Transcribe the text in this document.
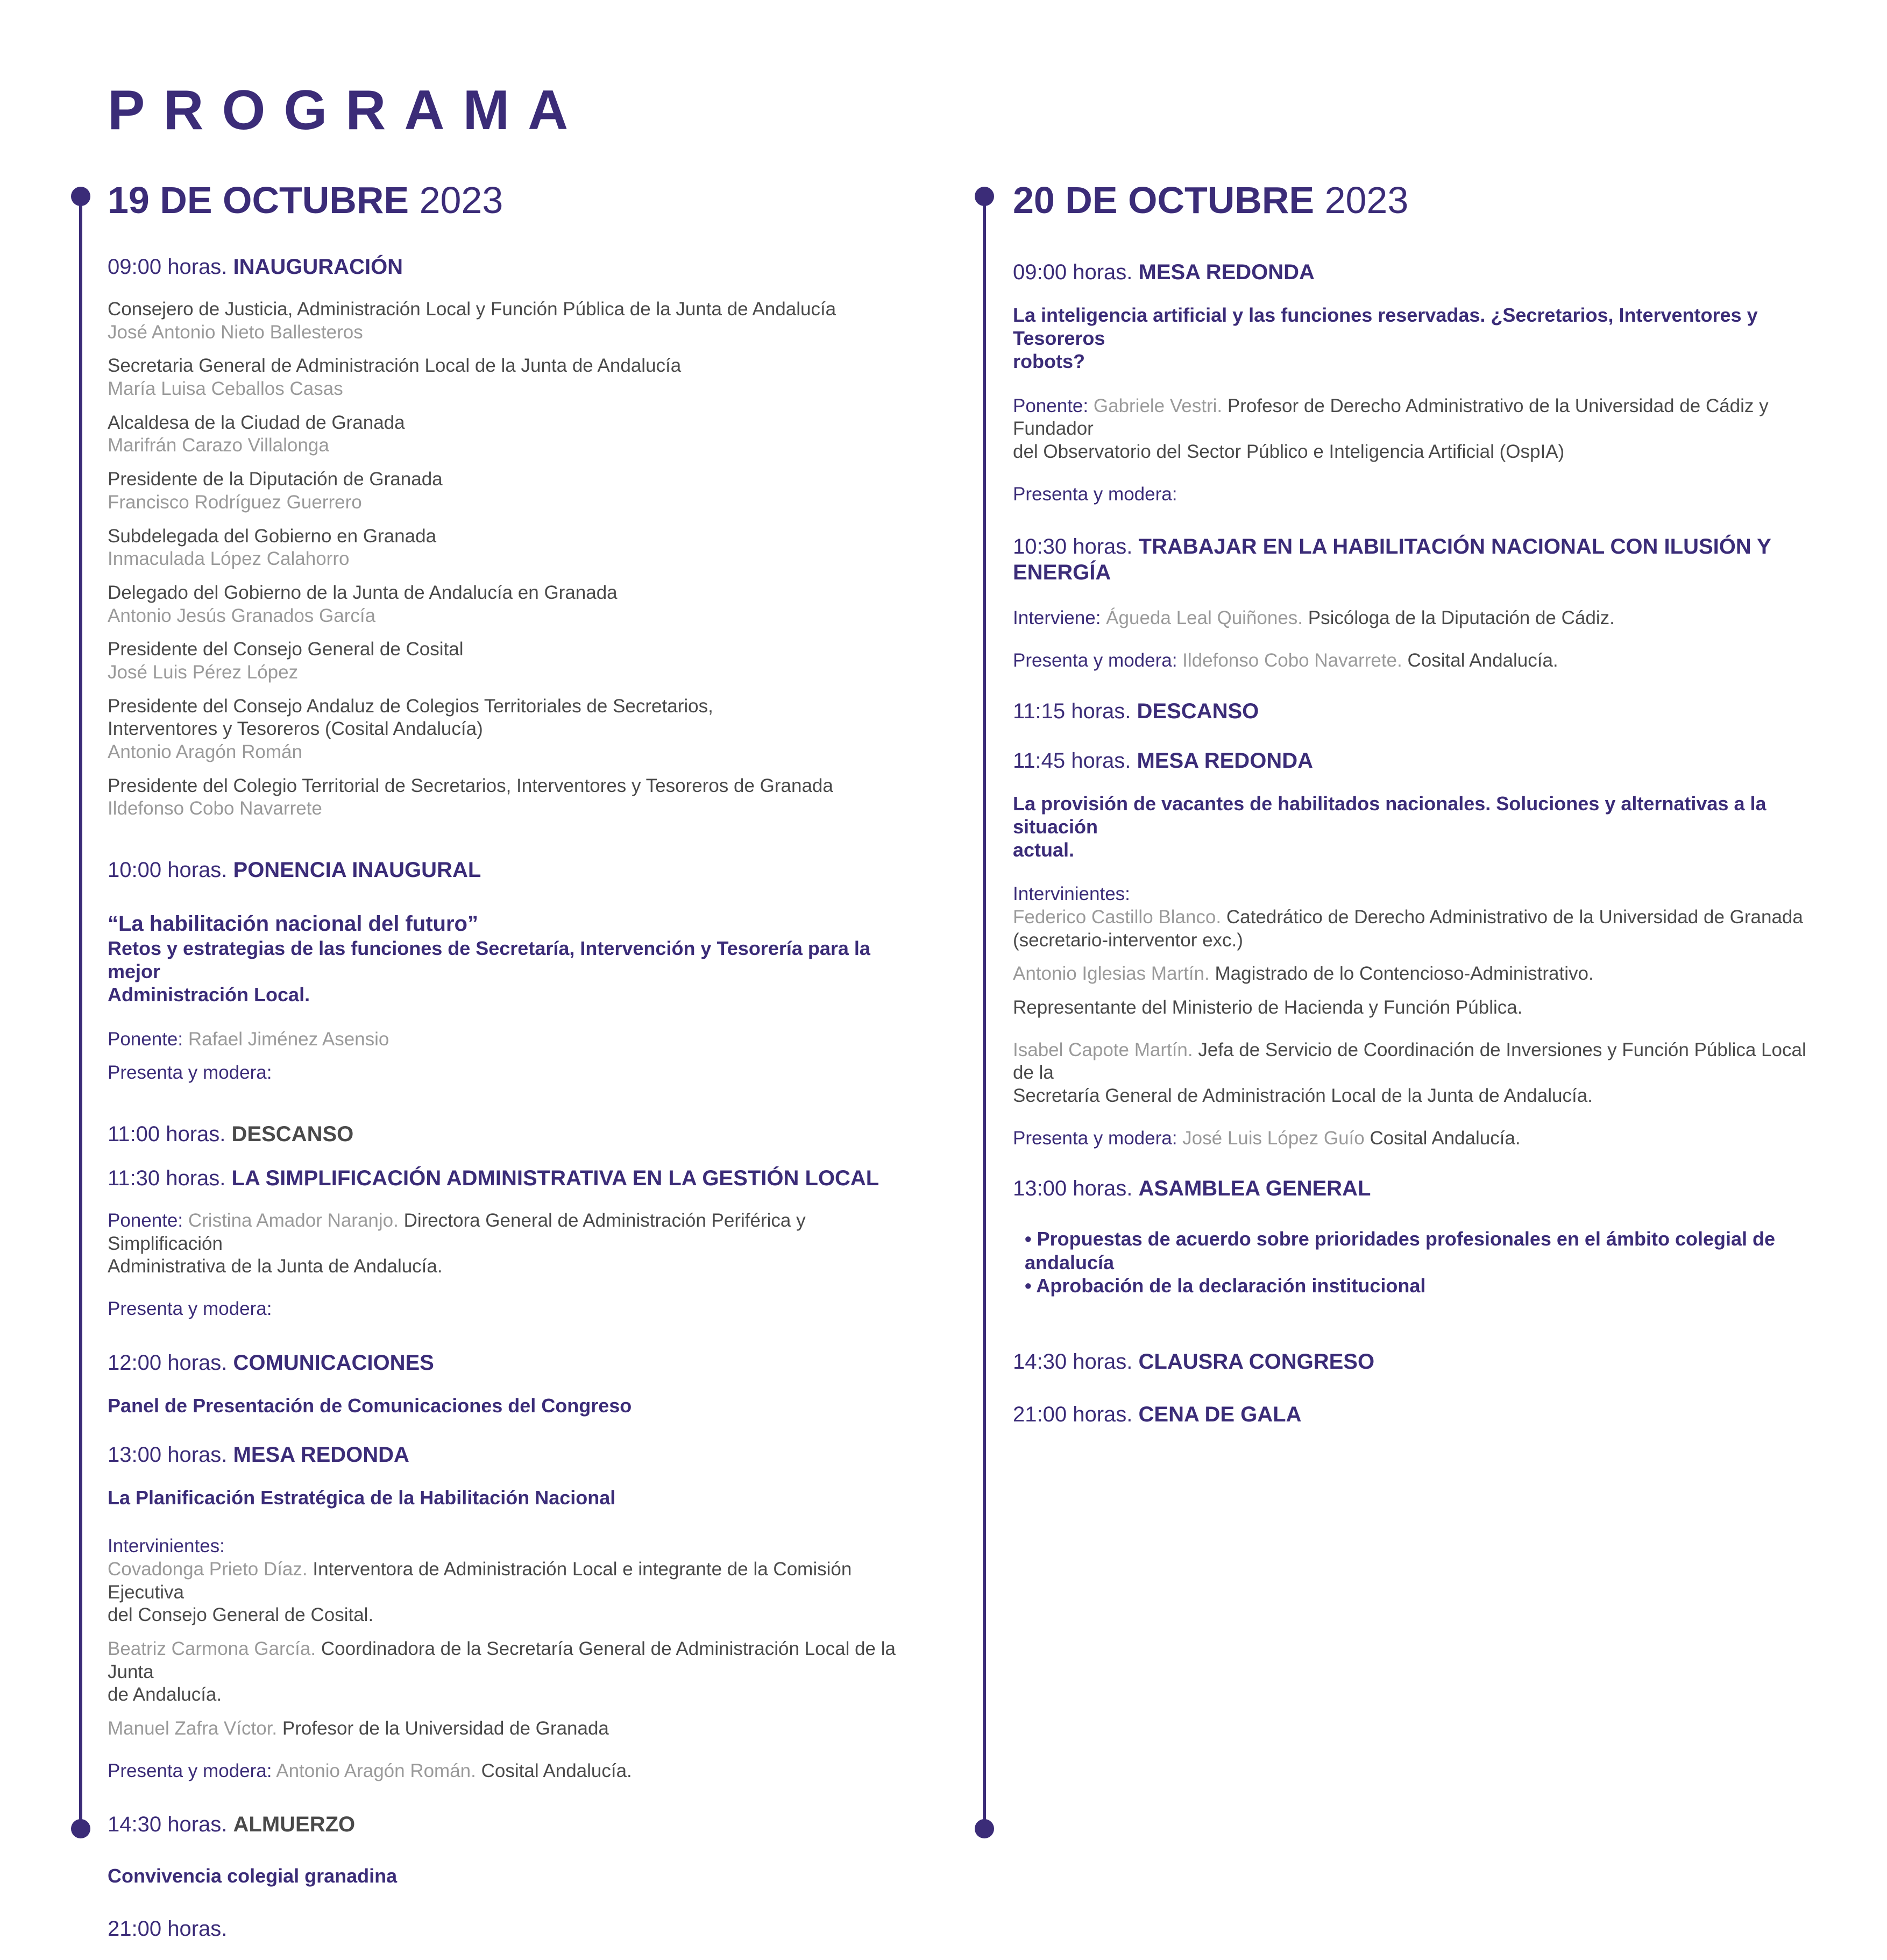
PROGRAMA
19 DE OCTUBRE 2023
09:00 horas. INAUGURACIÓN
Consejero de Justicia, Administración Local y Función Pública de la Junta de Andalucía
José Antonio Nieto Ballesteros
Secretaria General de Administración Local de la Junta de Andalucía
María Luisa Ceballos Casas
Alcaldesa de la Ciudad de Granada
Marifrán Carazo Villalonga
Presidente de la Diputación de Granada
Francisco Rodríguez Guerrero
Subdelegada del Gobierno en Granada
Inmaculada López Calahorro
Delegado del Gobierno de la Junta de Andalucía en Granada
Antonio Jesús Granados García
Presidente del Consejo General de Cosital
José Luis Pérez López
Presidente del Consejo Andaluz de Colegios Territoriales de Secretarios,
Interventores y Tesoreros (Cosital Andalucía)
Antonio Aragón Román
Presidente del Colegio Territorial de Secretarios, Interventores y Tesoreros de Granada
Ildefonso Cobo Navarrete
10:00 horas. PONENCIA INAUGURAL
“La habilitación nacional del futuro”
Retos y estrategias de las funciones de Secretaría, Intervención y Tesorería para la mejor
Administración Local.
Ponente: Rafael Jiménez Asensio
Presenta y modera:
11:00 horas. DESCANSO
11:30 horas. LA SIMPLIFICACIÓN ADMINISTRATIVA EN LA GESTIÓN LOCAL
Ponente: Cristina Amador Naranjo. Directora General de Administración Periférica y Simplificación
Administrativa de la Junta de Andalucía.
Presenta y modera:
12:00 horas. COMUNICACIONES
Panel de Presentación de Comunicaciones del Congreso
13:00 horas. MESA REDONDA
La Planificación Estratégica de la Habilitación Nacional
Intervinientes:
Covadonga Prieto Díaz. Interventora de Administración Local e integrante de la Comisión Ejecutiva
del Consejo General de Cosital.
Beatriz Carmona García. Coordinadora de la Secretaría General de Administración Local de la Junta
de Andalucía.
Manuel Zafra Víctor. Profesor de la Universidad de Granada
Presenta y modera: Antonio Aragón Román. Cosital Andalucía.
14:30 horas. ALMUERZO
Convivencia colegial granadina
21:00 horas.
20 DE OCTUBRE 2023
09:00 horas. MESA REDONDA
La inteligencia artificial y las funciones reservadas. ¿Secretarios, Interventores y Tesoreros
robots?
Ponente: Gabriele Vestri. Profesor de Derecho Administrativo de la Universidad de Cádiz y Fundador
del Observatorio del Sector Público e Inteligencia Artificial (OspIA)
Presenta y modera:
10:30 horas. TRABAJAR EN LA HABILITACIÓN NACIONAL CON ILUSIÓN Y ENERGÍA
Interviene: Águeda Leal Quiñones. Psicóloga de la Diputación de Cádiz.
Presenta y modera: Ildefonso Cobo Navarrete. Cosital Andalucía.
11:15 horas. DESCANSO
11:45 horas. MESA REDONDA
La provisión de vacantes de habilitados nacionales. Soluciones y alternativas a la situación
actual.
Intervinientes:
Federico Castillo Blanco. Catedrático de Derecho Administrativo de la Universidad de Granada
(secretario-interventor exc.)
Antonio Iglesias Martín. Magistrado de lo Contencioso-Administrativo.
Representante del Ministerio de Hacienda y Función Pública.
Isabel Capote Martín. Jefa de Servicio de Coordinación de Inversiones y Función Pública Local de la
Secretaría General de Administración Local de la Junta de Andalucía.
Presenta y modera: José Luis López Guío Cosital Andalucía.
13:00 horas. ASAMBLEA GENERAL
• Propuestas de acuerdo sobre prioridades profesionales en el ámbito colegial de andalucía
• Aprobación de la declaración institucional
14:30 horas. CLAUSRA CONGRESO
21:00 horas. CENA DE GALA
